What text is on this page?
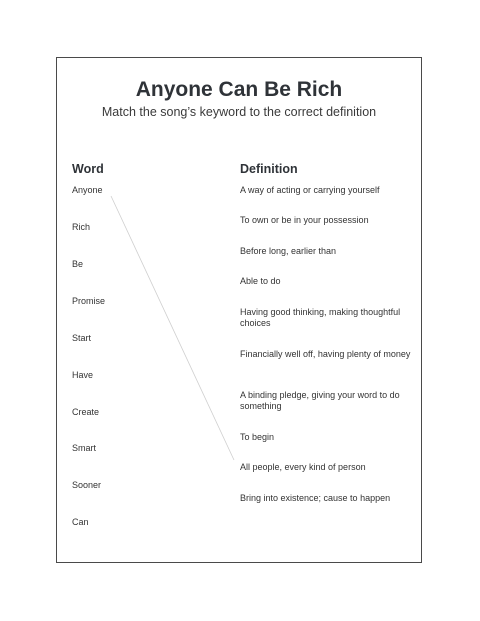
Anyone Can Be Rich

Match the song’s keyword to the correct definition

Word	Definition
Anyone
Rich
Be
Promise
Start
Have
Create
Smart
Sooner
Can
A way of acting or carrying yourself
To own or be in your possession
Before long, earlier than
Able to do
Having good thinking, making thoughtful choices
Financially well off, having plenty of money
A binding pledge, giving your word to do something
To begin
All people, every kind of person
Bring into existence; cause to happen
